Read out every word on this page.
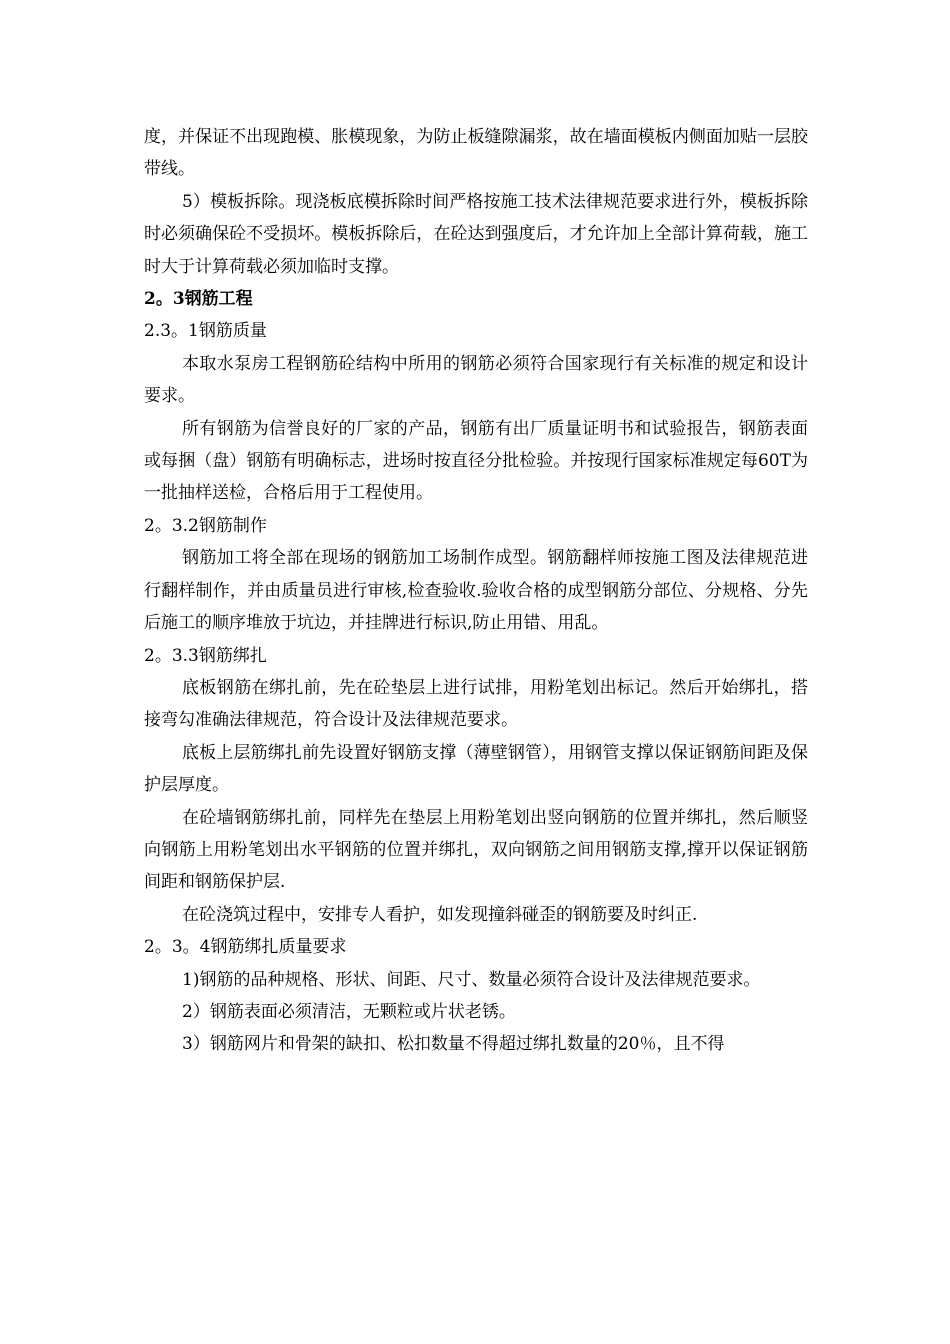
度，并保证不出现跑模、胀模现象，为防止板缝隙漏浆，故在墙面模板内侧面加贴一层胶带线。

5）模板拆除。现浇板底模拆除时间严格按施工技术法律规范要求进行外，模板拆除时必须确保砼不受损坏。模板拆除后，在砼达到强度后，才允许加上全部计算荷载，施工时大于计算荷载必须加临时支撑。

2。3钢筋工程

2.3。1钢筋质量

本取水泵房工程钢筋砼结构中所用的钢筋必须符合国家现行有关标准的规定和设计要求。

所有钢筋为信誉良好的厂家的产品，钢筋有出厂质量证明书和试验报告，钢筋表面或每捆（盘）钢筋有明确标志，进场时按直径分批检验。并按现行国家标准规定每60T为一批抽样送检，合格后用于工程使用。

2。3.2钢筋制作

钢筋加工将全部在现场的钢筋加工场制作成型。钢筋翻样师按施工图及法律规范进行翻样制作，并由质量员进行审核,检查验收.验收合格的成型钢筋分部位、分规格、分先后施工的顺序堆放于坑边，并挂牌进行标识,防止用错、用乱。

2。3.3钢筋绑扎

底板钢筋在绑扎前，先在砼垫层上进行试排，用粉笔划出标记。然后开始绑扎，搭接弯勾准确法律规范，符合设计及法律规范要求。

底板上层筋绑扎前先设置好钢筋支撑（薄壁钢管），用钢管支撑以保证钢筋间距及保护层厚度。

在砼墙钢筋绑扎前，同样先在垫层上用粉笔划出竖向钢筋的位置并绑扎，然后顺竖向钢筋上用粉笔划出水平钢筋的位置并绑扎，双向钢筋之间用钢筋支撑,撑开以保证钢筋间距和钢筋保护层.

在砼浇筑过程中，安排专人看护，如发现撞斜碰歪的钢筋要及时纠正.

2。3。4钢筋绑扎质量要求

1)钢筋的品种规格、形状、间距、尺寸、数量必须符合设计及法律规范要求。

2）钢筋表面必须清洁，无颗粒或片状老锈。

3）钢筋网片和骨架的缺扣、松扣数量不得超过绑扎数量的20％，且不得
